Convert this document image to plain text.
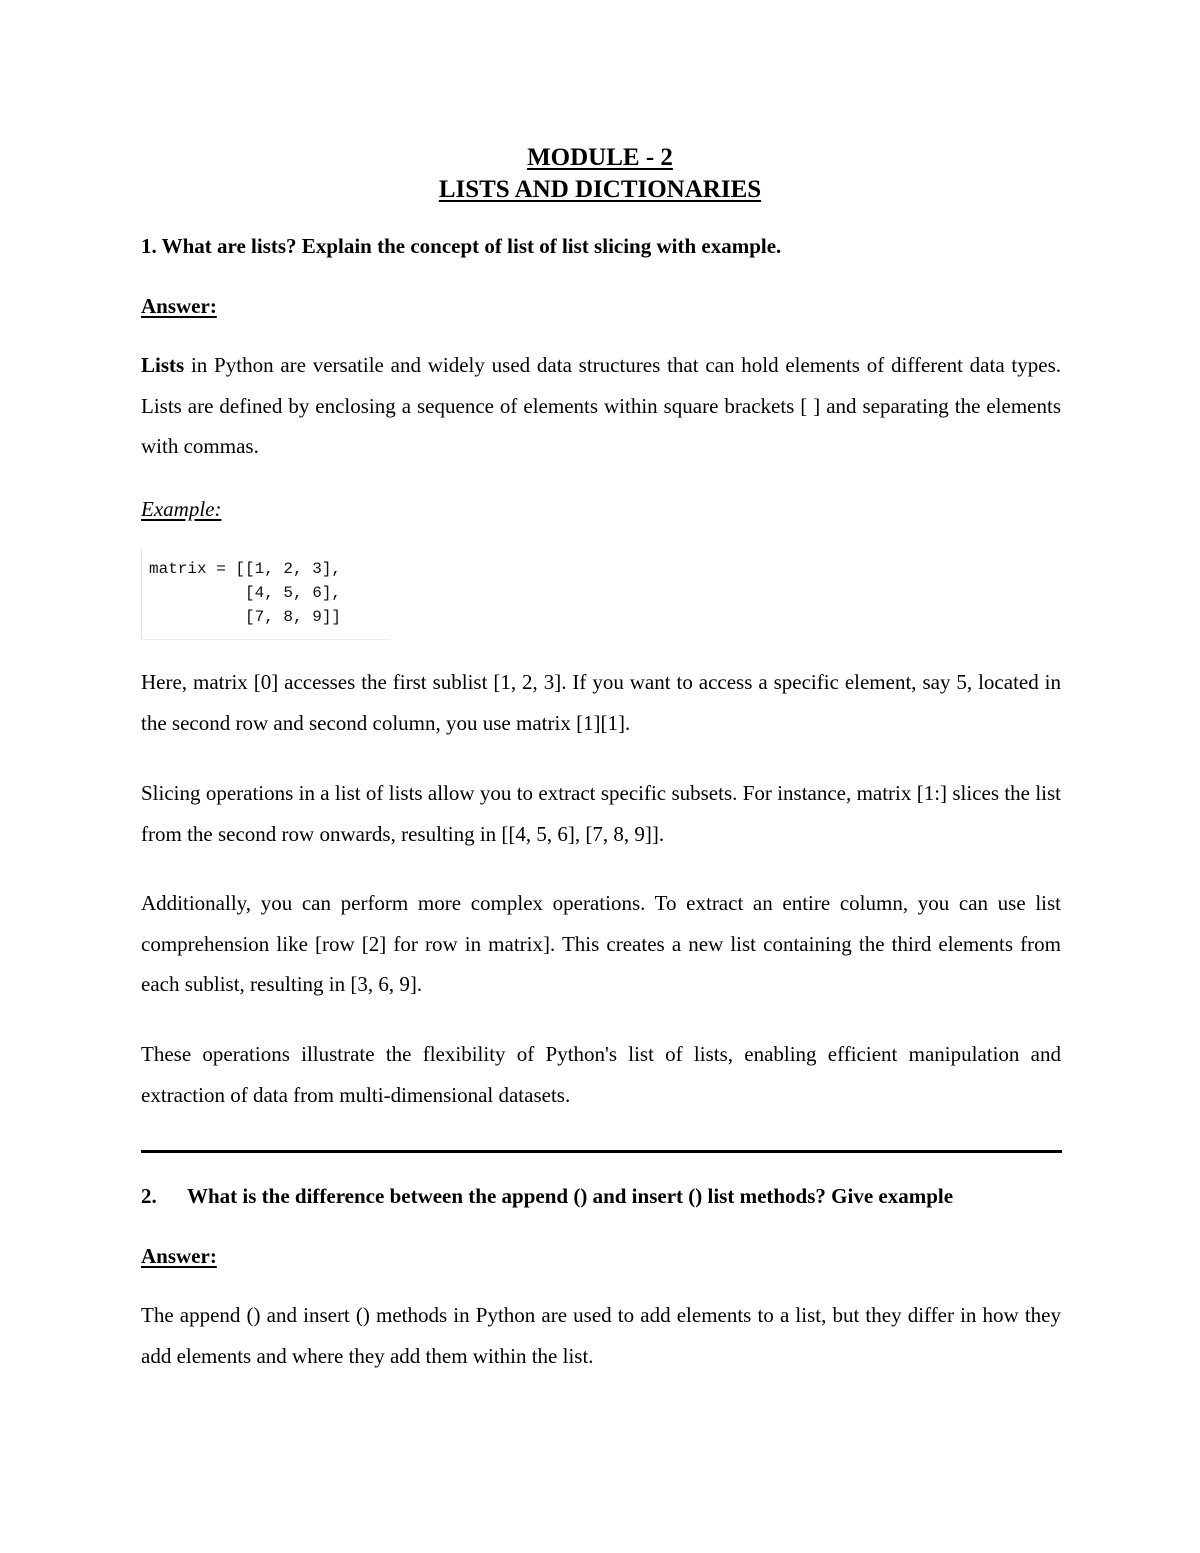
MODULE - 2
LISTS AND DICTIONARIES
1. What are lists? Explain the concept of list of list slicing with example.
Answer:

Lists in Python are versatile and widely used data structures that can hold elements of different data types. Lists are defined by enclosing a sequence of elements within square brackets [ ] and separating the elements with commas.

Example:
matrix = [[1, 2, 3],
[4, 5, 6],
[7, 8, 9]]

Here, matrix [0] accesses the first sublist [1, 2, 3]. If you want to access a specific element, say 5, located in the second row and second column, you use matrix [1][1].

Slicing operations in a list of lists allow you to extract specific subsets. For instance, matrix [1:] slices the list from the second row onwards, resulting in [[4, 5, 6], [7, 8, 9]].

Additionally, you can perform more complex operations. To extract an entire column, you can use list comprehension like [row [2] for row in matrix]. This creates a new list containing the third elements from each sublist, resulting in [3, 6, 9].

These operations illustrate the flexibility of Python's list of lists, enabling efficient manipulation and extraction of data from multi-dimensional datasets.

2. What is the difference between the append () and insert () list methods? Give example
Answer:

The append () and insert () methods in Python are used to add elements to a list, but they differ in how they add elements and where they add them within the list.
